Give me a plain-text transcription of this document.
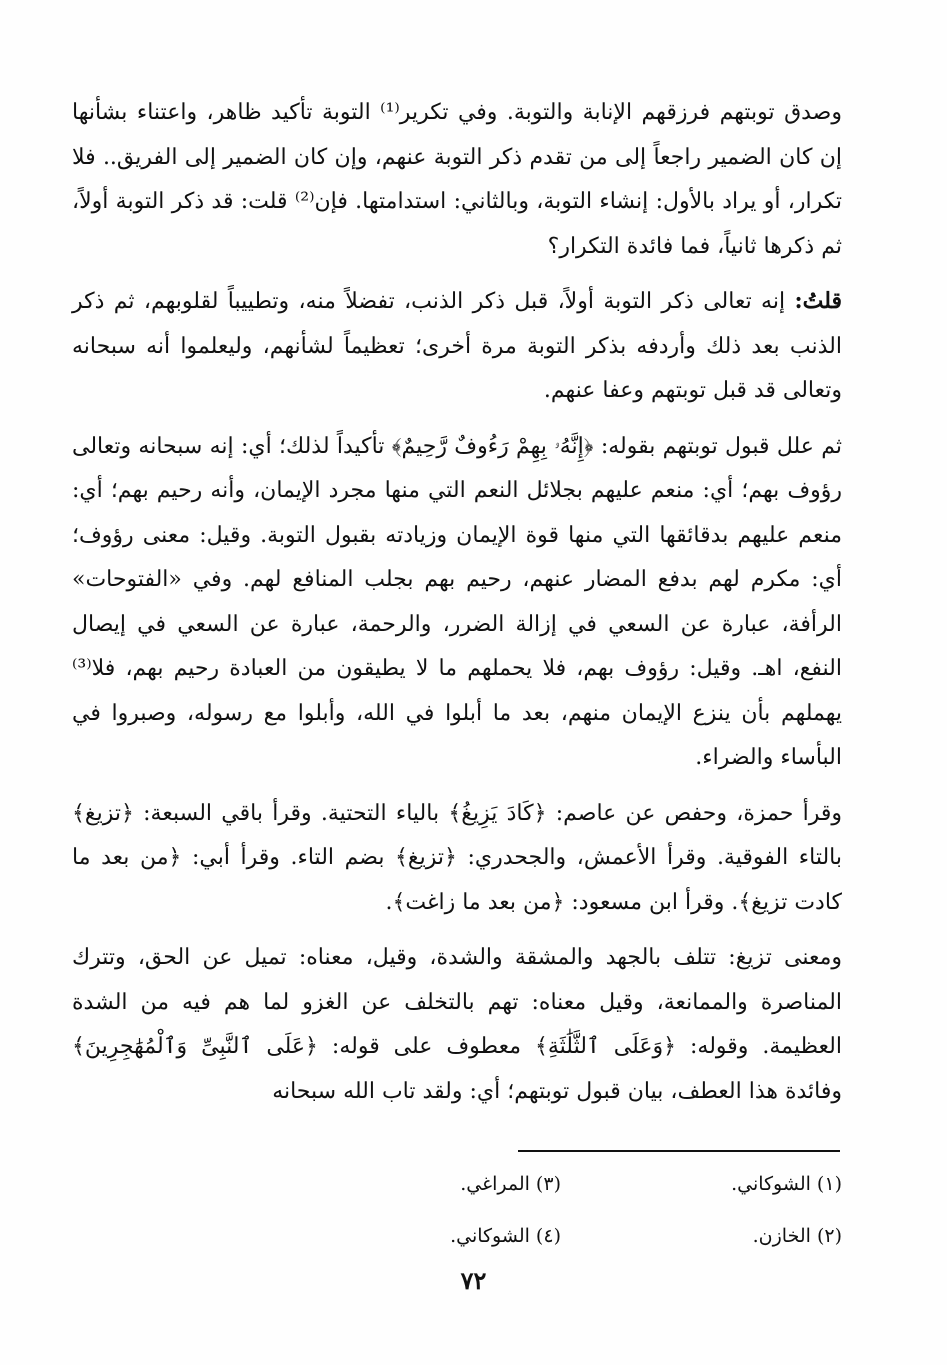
وصدق توبتهم فرزقهم الإنابة والتوبة. وفي تكرير⁽¹⁾ التوبة تأكيد ظاهر، واعتناء بشأنها إن كان الضمير راجعاً إلى من تقدم ذكر التوبة عنهم، وإن كان الضمير إلى الفريق.. فلا تكرار، أو يراد بالأول: إنشاء التوبة، وبالثاني: استدامتها. فإن⁽²⁾ قلت: قد ذكر التوبة أولاً، ثم ذكرها ثانياً، فما فائدة التكرار؟

قلتُ: إنه تعالى ذكر التوبة أولاً، قبل ذكر الذنب، تفضلاً منه، وتطييباً لقلوبهم، ثم ذكر الذنب بعد ذلك وأردفه بذكر التوبة مرة أخرى؛ تعظيماً لشأنهم، وليعلموا أنه سبحانه وتعالى قد قبل توبتهم وعفا عنهم.

ثم علل قبول توبتهم بقوله: ﴿إِنَّهُۥ بِهِمْ رَءُوفٌ رَّحِيمٌ﴾ تأكيداً لذلك؛ أي: إنه سبحانه وتعالى رؤوف بهم؛ أي: منعم عليهم بجلائل النعم التي منها مجرد الإيمان، وأنه رحيم بهم؛ أي: منعم عليهم بدقائقها التي منها قوة الإيمان وزيادته بقبول التوبة. وقيل: معنى رؤوف؛ أي: مكرم لهم بدفع المضار عنهم، رحيم بهم بجلب المنافع لهم. وفي «الفتوحات» الرأفة، عبارة عن السعي في إزالة الضرر، والرحمة، عبارة عن السعي في إيصال النفع، اهـ. وقيل: رؤوف بهم، فلا يحملهم ما لا يطيقون من العبادة رحيم بهم، فلا⁽³⁾ يهملهم بأن ينزع الإيمان منهم، بعد ما أبلوا في الله، وأبلوا مع رسوله، وصبروا في البأساء والضراء.

وقرأ حمزة، وحفص عن عاصم: ﴿كَادَ يَزِيغُ﴾ بالياء التحتية. وقرأ باقي السبعة: ﴿تزيغ﴾ بالتاء الفوقية. وقرأ الأعمش، والجحدري: ﴿تزيغ﴾ بضم التاء. وقرأ أبي: ﴿من بعد ما كادت تزيغ﴾. وقرأ ابن مسعود: ﴿من بعد ما زاغت﴾.

ومعنى تزيغ: تتلف بالجهد والمشقة والشدة، وقيل، معناه: تميل عن الحق، وتترك المناصرة والممانعة، وقيل معناه: تهم بالتخلف عن الغزو لما هم فيه من الشدة العظيمة. وقوله: ﴿وَعَلَى ٱلثَّلَٰثَةِ﴾ معطوف على قوله: ﴿عَلَى ٱلنَّبِىِّ وَٱلْمُهَٰجِرِينَ﴾ وفائدة هذا العطف، بيان قبول توبتهم؛ أي: ولقد تاب الله سبحانه

(١) الشوكاني.
(٣) المراغي.
(٢) الخازن.
(٤) الشوكاني.
٧٢
